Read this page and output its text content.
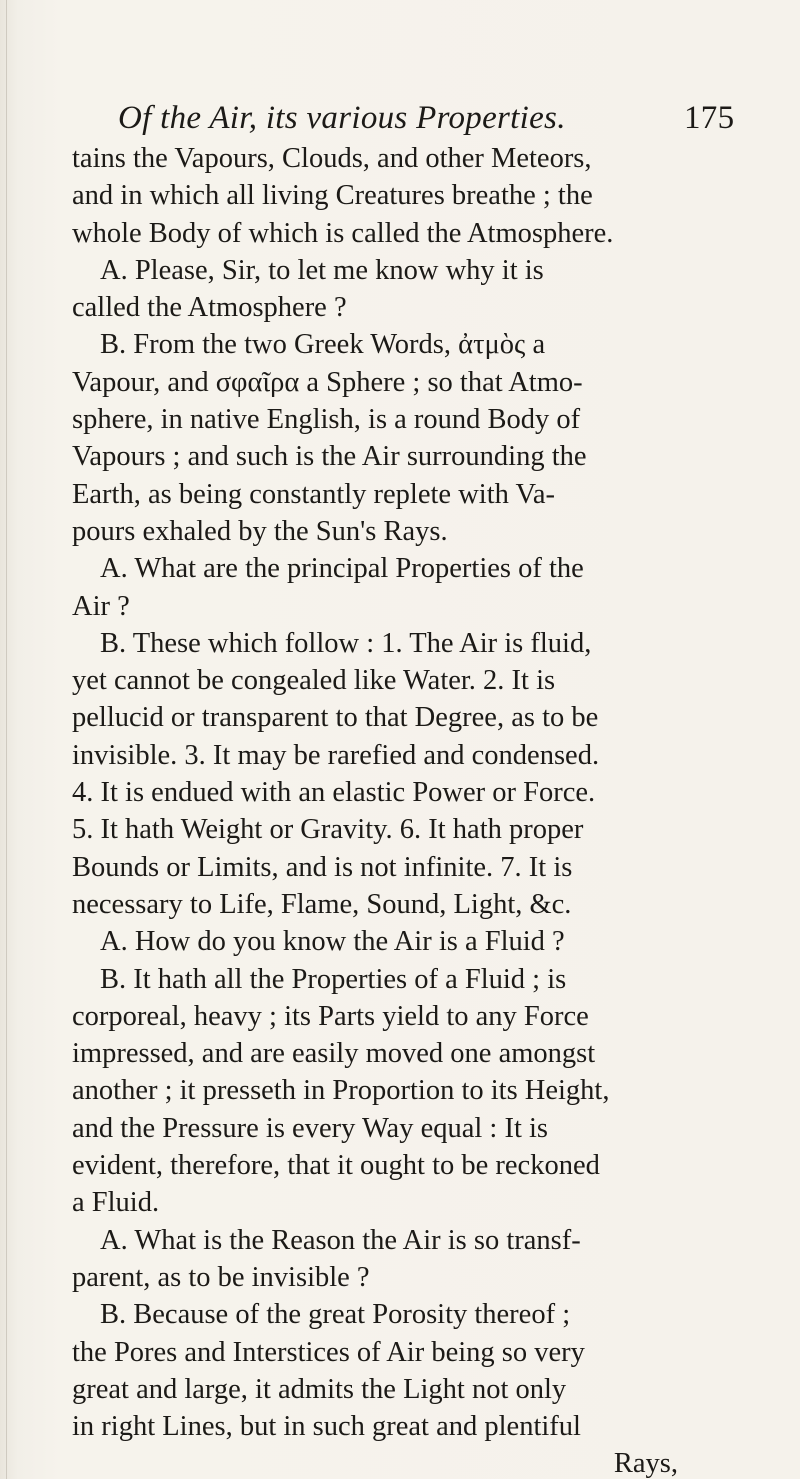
Of the Air, its various Properties.	175
tains the Vapours, Clouds, and other Meteors,
and in which all living Creatures breathe ; the
whole Body of which is called the Atmosphere.
A. Please, Sir, to let me know why it is
called the Atmosphere ?
B. From the two Greek Words, ἀτμὸς a
Vapour, and σφαῖρα a Sphere ; so that Atmo-
sphere, in native English, is a round Body of
Vapours ; and such is the Air surrounding the
Earth, as being constantly replete with Va-
pours exhaled by the Sun's Rays.
A. What are the principal Properties of the
Air ?
B. These which follow : 1. The Air is fluid,
yet cannot be congealed like Water. 2. It is
pellucid or transparent to that Degree, as to be
invisible. 3. It may be rarefied and condensed.
4. It is endued with an elastic Power or Force.
5. It hath Weight or Gravity. 6. It hath proper
Bounds or Limits, and is not infinite. 7. It is
necessary to Life, Flame, Sound, Light, &c.
A. How do you know the Air is a Fluid ?
B. It hath all the Properties of a Fluid ; is
corporeal, heavy ; its Parts yield to any Force
impressed, and are easily moved one amongst
another ; it presseth in Proportion to its Height,
and the Pressure is every Way equal : It is
evident, therefore, that it ought to be reckoned
a Fluid.
A. What is the Reason the Air is so transf-
parent, as to be invisible ?
B. Because of the great Porosity thereof ;
the Pores and Interstices of Air being so very
great and large, it admits the Light not only
in right Lines, but in such great and plentiful
Rays,
